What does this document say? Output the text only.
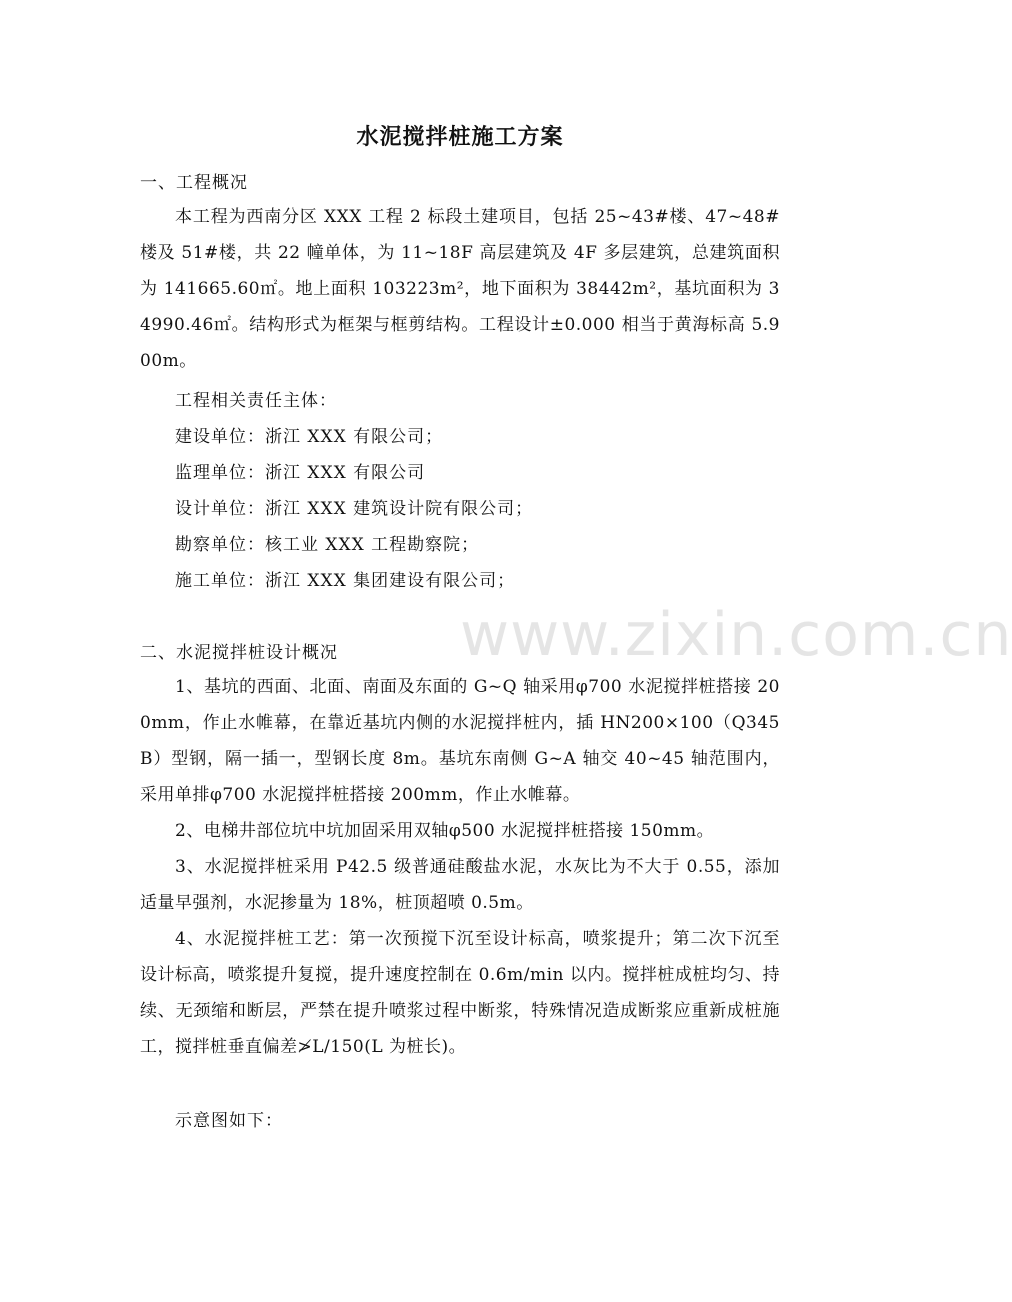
www.zixin.com.cn
水泥搅拌桩施工方案
一、工程概况
本工程为西南分区 XXX 工程 2 标段土建项目，包括 25~43#楼、47~48#楼及 51#楼，共 22 幢单体，为 11~18F 高层建筑及 4F 多层建筑，总建筑面积为 141665.60㎡。地上面积 103223m²，地下面积为 38442m²，基坑面积为 34990.46㎡。结构形式为框架与框剪结构。工程设计±0.000 相当于黄海标高 5.900m。
工程相关责任主体：
建设单位：浙江 XXX 有限公司；
监理单位：浙江 XXX 有限公司
设计单位：浙江 XXX 建筑设计院有限公司；
勘察单位：核工业 XXX 工程勘察院；
施工单位：浙江 XXX 集团建设有限公司；
二、水泥搅拌桩设计概况
1、基坑的西面、北面、南面及东面的 G~Q 轴采用φ700 水泥搅拌桩搭接 200mm，作止水帷幕，在靠近基坑内侧的水泥搅拌桩内，插 HN200×100（Q345B）型钢，隔一插一，型钢长度 8m。基坑东南侧 G~A 轴交 40~45 轴范围内，采用单排φ700 水泥搅拌桩搭接 200mm，作止水帷幕。
2、电梯井部位坑中坑加固采用双轴φ500 水泥搅拌桩搭接 150mm。
3、水泥搅拌桩采用 P42.5 级普通硅酸盐水泥，水灰比为不大于 0.55，添加适量早强剂，水泥掺量为 18%，桩顶超喷 0.5m。
4、水泥搅拌桩工艺：第一次预搅下沉至设计标高，喷浆提升；第二次下沉至设计标高，喷浆提升复搅，提升速度控制在 0.6m/min 以内。搅拌桩成桩均匀、持续、无颈缩和断层，严禁在提升喷浆过程中断浆，特殊情况造成断浆应重新成桩施工，搅拌桩垂直偏差≯L/150(L 为桩长)。
示意图如下：
